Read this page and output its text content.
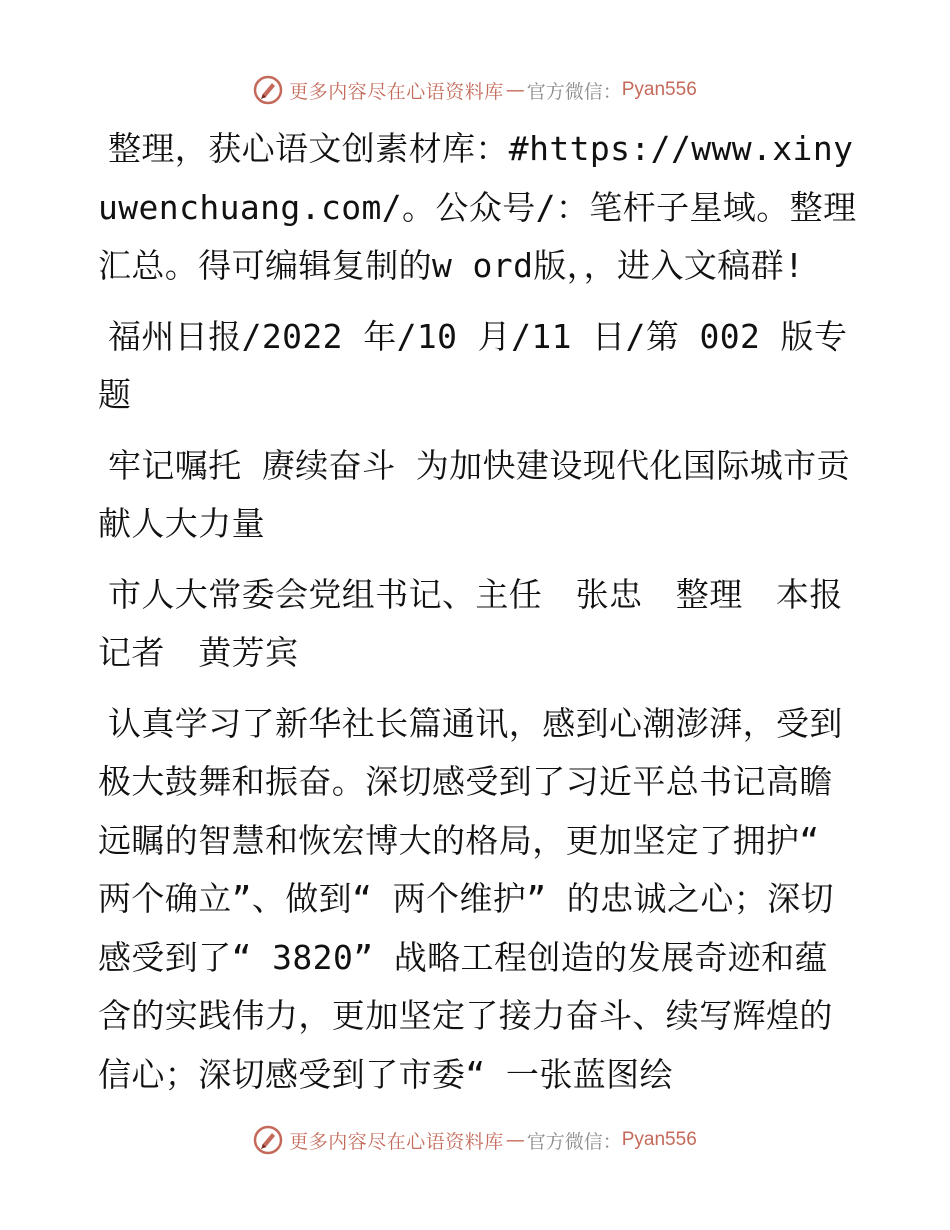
更多内容尽在心语资料库 — 官方微信： Pyan556

整理，获心语文创素材库：#https://www.xinyuwenchuang.com/。公众号/：笔杆子星域。整理汇总。得可编辑复制的w ord版，，进入文稿群!

福州日报/2022 年/10 月/11 日/第 002 版专题

牢记嘱托 赓续奋斗 为加快建设现代化国际城市贡献人大力量

市人大常委会党组书记、主任　张忠　整理　本报记者　黄芳宾

认真学习了新华社长篇通讯，感到心潮澎湃，受到极大鼓舞和振奋。深切感受到了习近平总书记高瞻远瞩的智慧和恢宏博大的格局，更加坚定了拥护“ 两个确立”、做到“ 两个维护” 的忠诚之心；深切感受到了“ 3820” 战略工程创造的发展奇迹和蕴含的实践伟力，更加坚定了接力奋斗、续写辉煌的信心；深切感受到了市委“ 一张蓝图绘

更多内容尽在心语资料库 — 官方微信： Pyan556
